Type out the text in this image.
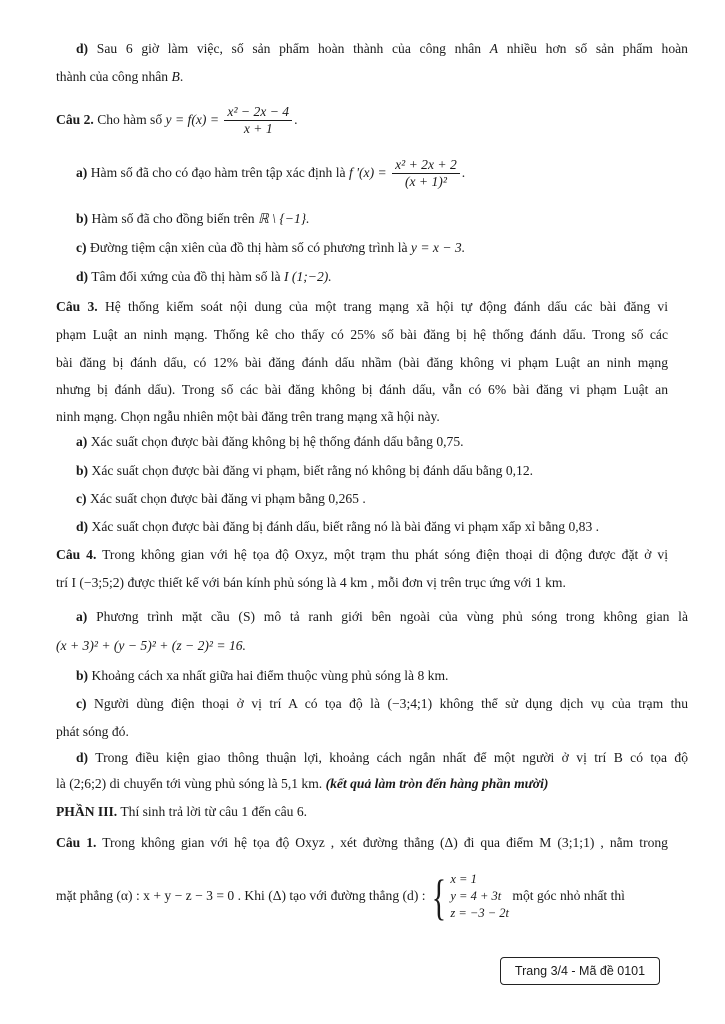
d) Sau 6 giờ làm việc, số sản phẩm hoàn thành của công nhân A nhiều hơn số sản phẩm hoàn
thành của công nhân B.
Câu 2. Cho hàm số $y = f(x) = \frac{\text{x² − 2x − 4}}{x + 1}$ .
a) Hàm số đã cho có đạo hàm trên tập xác định là f '$(x) = \frac{\text{x² + 2x + 2}}{\text{(x + 1)²}}$ .
b) Hàm số đã cho đồng biến trên ℝ \ {−1}.
c) Đường tiệm cận xiên của đồ thị hàm số có phương trình là y = x − 3.
d) Tâm đối xứng của đồ thị hàm số là I (1;−2).
Câu 3. Hệ thống kiểm soát nội dung của một trang mạng xã hội tự động đánh dấu các bài đăng vi
phạm Luật an ninh mạng. Thống kê cho thấy có 25% số bài đăng bị hệ thống đánh dấu. Trong số các
bài đăng bị đánh dấu, có 12% bài đăng đánh dấu nhầm (bài đăng không vi phạm Luật an ninh mạng
nhưng bị đánh dấu). Trong số các bài đăng không bị đánh dấu, vẫn có 6% bài đăng vi phạm Luật an
ninh mạng. Chọn ngẫu nhiên một bài đăng trên trang mạng xã hội này.
a) Xác suất chọn được bài đăng không bị hệ thống đánh dấu bằng 0,75.
b) Xác suất chọn được bài đăng vi phạm, biết rằng nó không bị đánh dấu bằng 0,12.
c) Xác suất chọn được bài đăng vi phạm bằng 0,265 .
d) Xác suất chọn được bài đăng bị đánh dấu, biết rằng nó là bài đăng vi phạm xấp xỉ bằng 0,83 .
Câu 4. Trong không gian với hệ tọa độ Oxyz, một trạm thu phát sóng điện thoại di động được đặt ở vị
trí I (−3;5;2) được thiết kế với bán kính phủ sóng là 4 km , mỗi đơn vị trên trục ứng với 1 km.
a) Phương trình mặt cầu (S) mô tả ranh giới bên ngoài của vùng phủ sóng trong không gian là
(x + 3)² + (y − 5)² + (z − 2)² = 16.
b) Khoảng cách xa nhất giữa hai điểm thuộc vùng phủ sóng là 8 km.
c) Người dùng điện thoại ở vị trí A có tọa độ là (−3;4;1) không thể sử dụng dịch vụ của trạm thu
phát sóng đó.
d) Trong điều kiện giao thông thuận lợi, khoảng cách ngắn nhất để một người ở vị trí B có tọa độ
là (2;6;2) di chuyển tới vùng phủ sóng là 5,1 km. (kết quả làm tròn đến hàng phần mười)
PHẦN III. Thí sinh trả lời từ câu 1 đến câu 6.
Câu 1. Trong không gian với hệ tọa độ Oxyz , xét đường thẳng (Δ) đi qua điểm M (3;1;1) , nằm trong
mặt phẳng (α) : x + y − z − 3 = 0 . Khi (Δ) tạo với đường thẳng (d) : { x = 1
y = 4 + 3t
z = −3 − 2t
một góc nhỏ nhất thì
Trang 3/4 - Mã đề 0101
